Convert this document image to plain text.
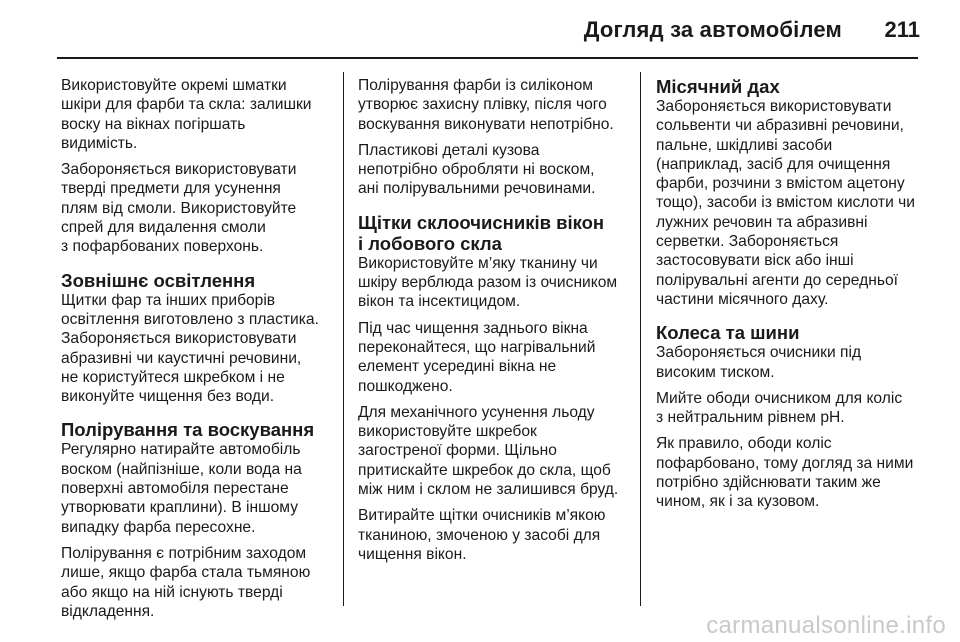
Догляд за автомобілем 211
Використовуйте окремі шматки
шкіри для фарби та скла: залишки
воску на вікнах погіршать
видимість.
Забороняється використовувати
тверді предмети для усунення
плям від смоли. Використовуйте
спрей для видалення смоли
з пофарбованих поверхонь.
Зовнішнє освітлення
Щитки фар та інших приборів
освітлення виготовлено з пластика.
Забороняється використовувати
абразивні чи каустичні речовини,
не користуйтеся шкребком і не
виконуйте чищення без води.
Полірування та воскування
Регулярно натирайте автомобіль
воском (найпізніше, коли вода на
поверхні автомобіля перестане
утворювати краплини). В іншому
випадку фарба пересохне.
Полірування є потрібним заходом
лише, якщо фарба стала тьмяною
або якщо на ній існують тверді
відкладення.
Полірування фарби із силіконом
утворює захисну плівку, після чого
воскування виконувати непотрібно.
Пластикові деталі кузова
непотрібно обробляти ні воском,
ані полірувальними речовинами.
Щітки склоочисників вікон
і лобового скла
Використовуйте м’яку тканину чи
шкіру верблюда разом із очисником
вікон та інсектицидом.
Під час чищення заднього вікна
переконайтеся, що нагрівальний
елемент усередині вікна не
пошкоджено.
Для механічного усунення льоду
використовуйте шкребок
загостреної форми. Щільно
притискайте шкребок до скла, щоб
між ним і склом не залишився бруд.
Витирайте щітки очисників м’якою
тканиною, змоченою у засобі для
чищення вікон.
Місячний дах
Забороняється використовувати
сольвенти чи абразивні речовини,
пальне, шкідливі засоби
(наприклад, засіб для очищення
фарби, розчини з вмістом ацетону
тощо), засоби із вмістом кислоти чи
лужних речовин та абразивні
серветки. Забороняється
застосовувати віск або інші
полірувальні агенти до середньої
частини місячного даху.
Колеса та шини
Забороняється очисники під
високим тиском.
Мийте ободи очисником для коліс
з нейтральним рівнем pH.
Як правило, ободи коліс
пофарбовано, тому догляд за ними
потрібно здійснювати таким же
чином, як і за кузовом.
carmanualsonline.info
